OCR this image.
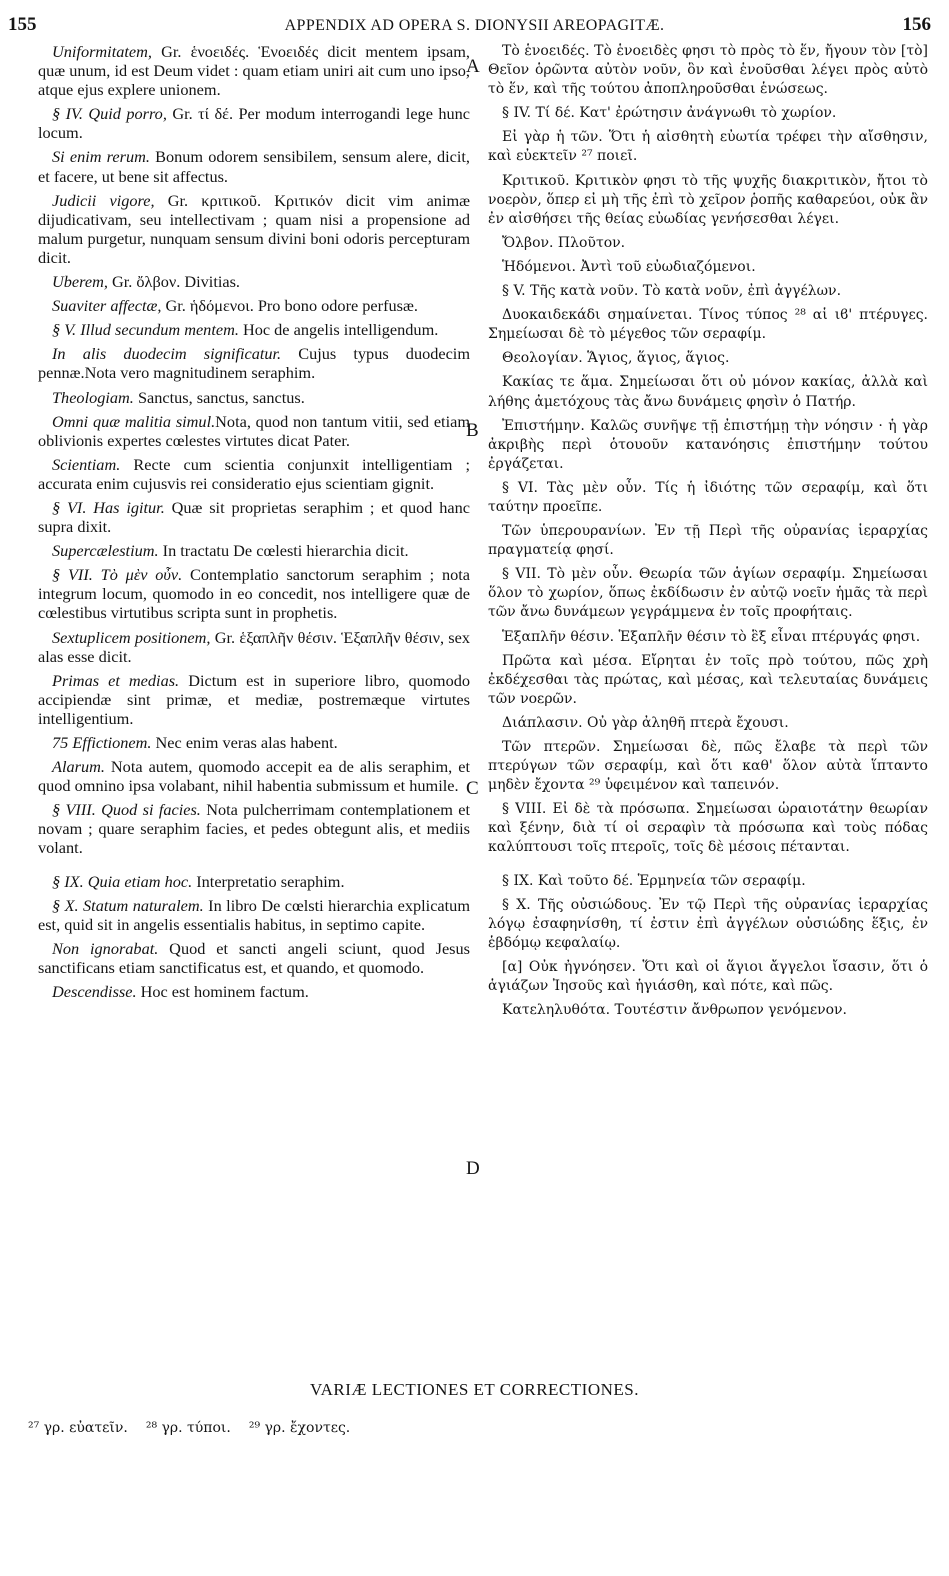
155	APPENDIX AD OPERA S. DIONYSII AREOPAGITÆ.	156
A
B
C
D

Uniformitatem, Gr. ἑνοειδές. Ἑνοειδές dicit mentem ipsam, quæ unum, id est Deum videt : quam etiam uniri ait cum uno ipso, atque ejus explere unionem.

§ IV. Quid porro, Gr. τί δέ. Per modum interrogandi lege hunc locum.

Si enim rerum. Bonum odorem sensibilem, sensum alere, dicit, et facere, ut bene sit affectus.

Judicii vigore, Gr. κριτικοῦ. Κριτικόν dicit vim animæ dijudicativam, seu intellectivam ; quam nisi a propensione ad malum purgetur, nunquam sensum divini boni odoris percepturam dicit.

Uberem, Gr. ὄλβον. Divitias.

Suaviter affectæ, Gr. ἡδόμενοι. Pro bono odore perfusæ.

§ V. Illud secundum mentem. Hoc de angelis intelligendum.

In alis duodecim significatur. Cujus typus duodecim pennæ.Nota vero magnitudinem seraphim.

Theologiam. Sanctus, sanctus, sanctus.

Omni quæ malitia simul.Nota, quod non tantum vitii, sed etiam oblivionis expertes cœlestes virtutes dicat Pater.

Scientiam. Recte cum scientia conjunxit intelligentiam ; accurata enim cujusvis rei consideratio ejus scientiam gignit.

§ VI. Has igitur. Quæ sit proprietas seraphim ; et quod hanc supra dixit.

Supercælestium. In tractatu De cœlesti hierarchia dicit.

§ VII. Τὸ μὲν οὖν. Contemplatio sanctorum seraphim ; nota integrum locum, quomodo in eo concedit, nos intelligere quæ de cœlestibus virtutibus scripta sunt in prophetis.

Sextuplicem positionem, Gr. ἑξαπλῆν θέσιν. Ἑξαπλῆν θέσιν, sex alas esse dicit.

Primas et medias. Dictum est in superiore libro, quomodo accipiendæ sint primæ, et mediæ, postremæque virtutes intelligentium.

75 Effictionem. Nec enim veras alas habent.

Alarum. Nota autem, quomodo accepit ea de alis seraphim, et quod omnino ipsa volabant, nihil habentia submissum et humile.

§ VIII. Quod si facies. Nota pulcherrimam contemplationem et novam ; quare seraphim facies, et pedes obtegunt alis, et mediis volant.

§ IX. Quia etiam hoc. Interpretatio seraphim.

§ X. Statum naturalem. In libro De cœlsti hierarchia explicatum est, quid sit in angelis essentialis habitus, in septimo capite.

Non ignorabat. Quod et sancti angeli sciunt, quod Jesus sanctificans etiam sanctificatus est, et quando, et quomodo.

Descendisse. Hoc est hominem factum.

Τὸ ἑνοειδές. Τὸ ἑνοειδὲς φησι τὸ πρὸς τὸ ἕν, ἤγουν τὸν [τὸ] Θεῖον ὁρῶντα αὐτὸν νοῦν, ὃν καὶ ἑνοῦσθαι λέγει πρὸς αὐτὸ τὸ ἕν, καὶ τῆς τούτου ἀποπληροῦσθαι ἑνώσεως.

§ IV. Τί δέ. Κατ' ἐρώτησιν ἀνάγνωθι τὸ χωρίον.

Εἰ γὰρ ἡ τῶν. Ὅτι ἡ αἰσθητὴ εὐωτία τρέφει τὴν αἴσθησιν, καὶ εὐεκτεῖν ²⁷ ποιεῖ.

Κριτικοῦ. Κριτικὸν φησι τὸ τῆς ψυχῆς διακριτικὸν, ἤτοι τὸ νοερὸν, ὅπερ εἰ μὴ τῆς ἐπὶ τὸ χεῖρον ῥοπῆς καθαρεύοι, οὐκ ἂν ἐν αἰσθήσει τῆς θείας εὐωδίας γενήσεσθαι λέγει.

Ὄλβον. Πλοῦτον.

Ἡδόμενοι. Ἀντὶ τοῦ εὐωδιαζόμενοι.

§ V. Τῆς κατὰ νοῦν. Τὸ κατὰ νοῦν, ἐπὶ ἀγγέλων.

Δυοκαιδεκάδι σημαίνεται. Τίνος τύπος ²⁸ αἱ ιϐ' πτέρυγες. Σημείωσαι δὲ τὸ μέγεθος τῶν σεραφίμ.

Θεολογίαν. Ἅγιος, ἅγιος, ἅγιος.

Κακίας τε ἅμα. Σημείωσαι ὅτι οὐ μόνον κακίας, ἀλλὰ καὶ λήθης ἀμετόχους τὰς ἄνω δυνάμεις φησὶν ὁ Πατήρ.

Ἐπιστήμην. Καλῶς συνῆψε τῇ ἐπιστήμῃ τὴν νόησιν · ἡ γὰρ ἀκριβὴς περὶ ὁτουοῦν κατανόησις ἐπιστήμην τούτου ἐργάζεται.

§ VI. Τὰς μὲν οὖν. Τίς ἡ ἰδιότης τῶν σεραφίμ, καὶ ὅτι ταύτην προεῖπε.

Τῶν ὑπερουρανίων. Ἐν τῇ Περὶ τῆς οὐρανίας ἱεραρχίας πραγματείᾳ φησί.

§ VII. Τὸ μὲν οὖν. Θεωρία τῶν ἁγίων σεραφίμ. Σημείωσαι ὅλον τὸ χωρίον, ὅπως ἐκδίδωσιν ἐν αὐτῷ νοεῖν ἡμᾶς τὰ περὶ τῶν ἄνω δυνάμεων γεγράμμενα ἐν τοῖς προφήταις.

Ἑξαπλῆν θέσιν. Ἑξαπλῆν θέσιν τὸ ἓξ εἶναι πτέρυγάς φησι.

Πρῶτα καὶ μέσα. Εἴρηται ἐν τοῖς πρὸ τούτου, πῶς χρὴ ἐκδέχεσθαι τὰς πρώτας, καὶ μέσας, καὶ τελευταίας δυνάμεις τῶν νοερῶν.

Διάπλασιν. Οὐ γὰρ ἀληθῆ πτερὰ ἔχουσι.

Τῶν πτερῶν. Σημείωσαι δὲ, πῶς ἔλαβε τὰ περὶ τῶν πτερύγων τῶν σεραφίμ, καὶ ὅτι καθ' ὅλον αὐτὰ ἵπταντο μηδὲν ἔχοντα ²⁹ ὑφειμένον καὶ ταπεινόν.

§ VIII. Εἰ δὲ τὰ πρόσωπα. Σημείωσαι ὡραιοτάτην θεωρίαν καὶ ξένην, διὰ τί οἱ σεραφὶν τὰ πρόσωπα καὶ τοὺς πόδας καλύπτουσι τοῖς πτεροῖς, τοῖς δὲ μέσοις πέτανται.

§ IX. Καὶ τοῦτο δέ. Ἑρμηνεία τῶν σεραφίμ.

§ X. Τῆς οὐσιώδους. Ἐν τῷ Περὶ τῆς οὐρανίας ἱεραρχίας λόγῳ ἐσαφηνίσθη, τί ἐστιν ἐπὶ ἀγγέλων οὐσιώδης ἕξις, ἐν ἑβδόμῳ κεφαλαίῳ.

[α] Οὐκ ἠγνόησεν. Ὅτι καὶ οἱ ἅγιοι ἄγγελοι ἴσασιν, ὅτι ὁ ἁγιάζων Ἰησοῦς καὶ ἡγιάσθη, καὶ πότε, καὶ πῶς.

Κατεληλυθότα. Τουτέστιν ἄνθρωπον γενόμενον.

VARIÆ LECTIONES ET CORRECTIONES.
²⁷ γρ. εὐατεῖν. ²⁸ γρ. τύποι. ²⁹ γρ. ἔχοντες.
